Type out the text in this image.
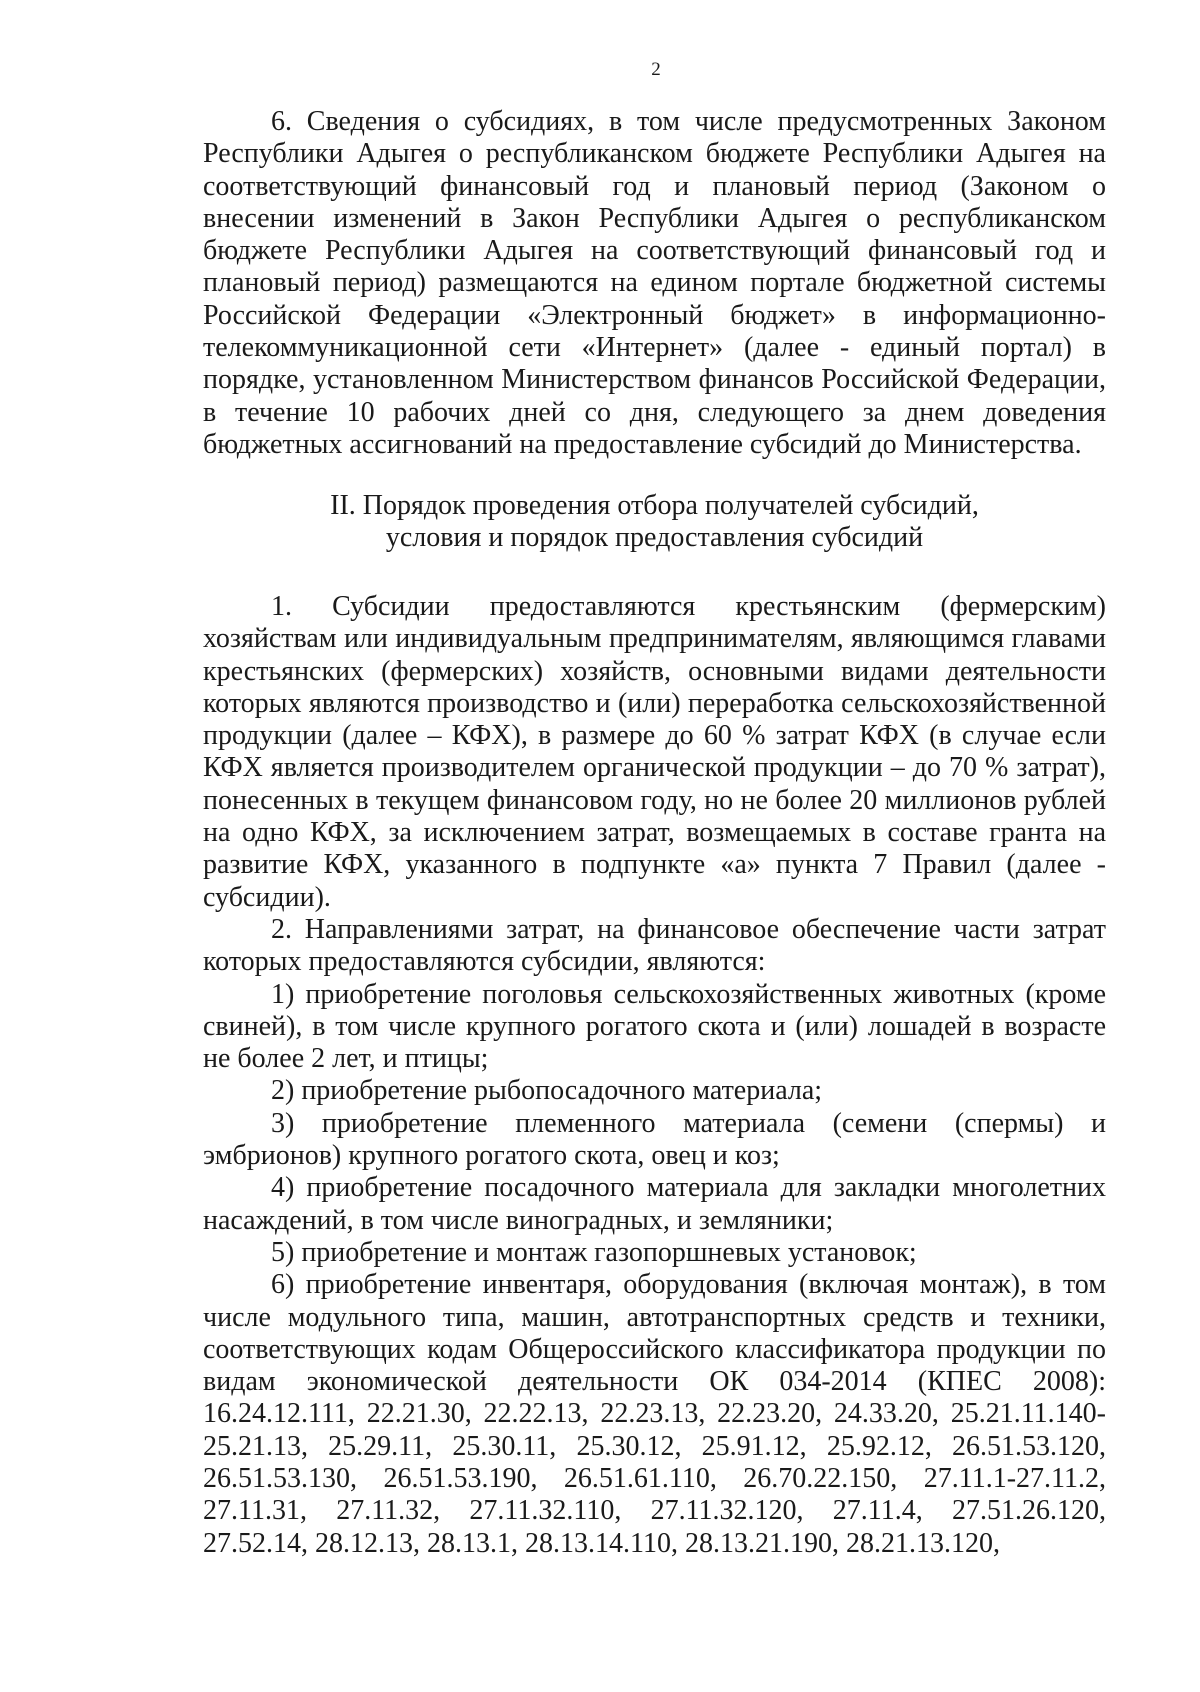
2

6. Сведения о субсидиях, в том числе предусмотренных Законом Республики Адыгея о республиканском бюджете Республики Адыгея на соответствующий финансовый год и плановый период (Законом о внесении изменений в Закон Республики Адыгея о республиканском бюджете Республики Адыгея на соответствующий финансовый год и плановый период) размещаются на едином портале бюджетной системы Российской Федерации «Электронный бюджет» в информационно-телекоммуникационной сети «Интернет» (далее - единый портал) в порядке, установленном Министерством финансов Российской Федерации, в течение 10 рабочих дней со дня, следующего за днем доведения бюджетных ассигнований на предоставление субсидий до Министерства.

II. Порядок проведения отбора получателей субсидий,
условия и порядок предоставления субсидий

1. Субсидии предоставляются крестьянским (фермерским) хозяйствам или индивидуальным предпринимателям, являющимся главами крестьянских (фермерских) хозяйств, основными видами деятельности которых являются производство и (или) переработка сельскохозяйственной продукции (далее – КФХ), в размере до 60 % затрат КФХ (в случае если КФХ является производителем органической продукции – до 70 % затрат), понесенных в текущем финансовом году, но не более 20 миллионов рублей на одно КФХ, за исключением затрат, возмещаемых в составе гранта на развитие КФХ, указанного в подпункте «а» пункта 7 Правил (далее - субсидии).

2. Направлениями затрат, на финансовое обеспечение части затрат которых предоставляются субсидии, являются:

1) приобретение поголовья сельскохозяйственных животных (кроме свиней), в том числе крупного рогатого скота и (или) лошадей в возрасте не более 2 лет, и птицы;

2) приобретение рыбопосадочного материала;

3) приобретение племенного материала (семени (спермы) и эмбрионов) крупного рогатого скота, овец и коз;

4) приобретение посадочного материала для закладки многолетних насаждений, в том числе виноградных, и земляники;

5) приобретение и монтаж газопоршневых установок;

6) приобретение инвентаря, оборудования (включая монтаж), в том числе модульного типа, машин, автотранспортных средств и техники, соответствующих кодам Общероссийского классификатора продукции по видам экономической деятельности ОК 034-2014 (КПЕС 2008): 16.24.12.111, 22.21.30, 22.22.13, 22.23.13, 22.23.20, 24.33.20, 25.21.11.140-25.21.13, 25.29.11, 25.30.11, 25.30.12, 25.91.12, 25.92.12, 26.51.53.120, 26.51.53.130, 26.51.53.190, 26.51.61.110, 26.70.22.150, 27.11.1-27.11.2, 27.11.31, 27.11.32, 27.11.32.110, 27.11.32.120, 27.11.4, 27.51.26.120, 27.52.14, 28.12.13, 28.13.1, 28.13.14.110, 28.13.21.190, 28.21.13.120,
